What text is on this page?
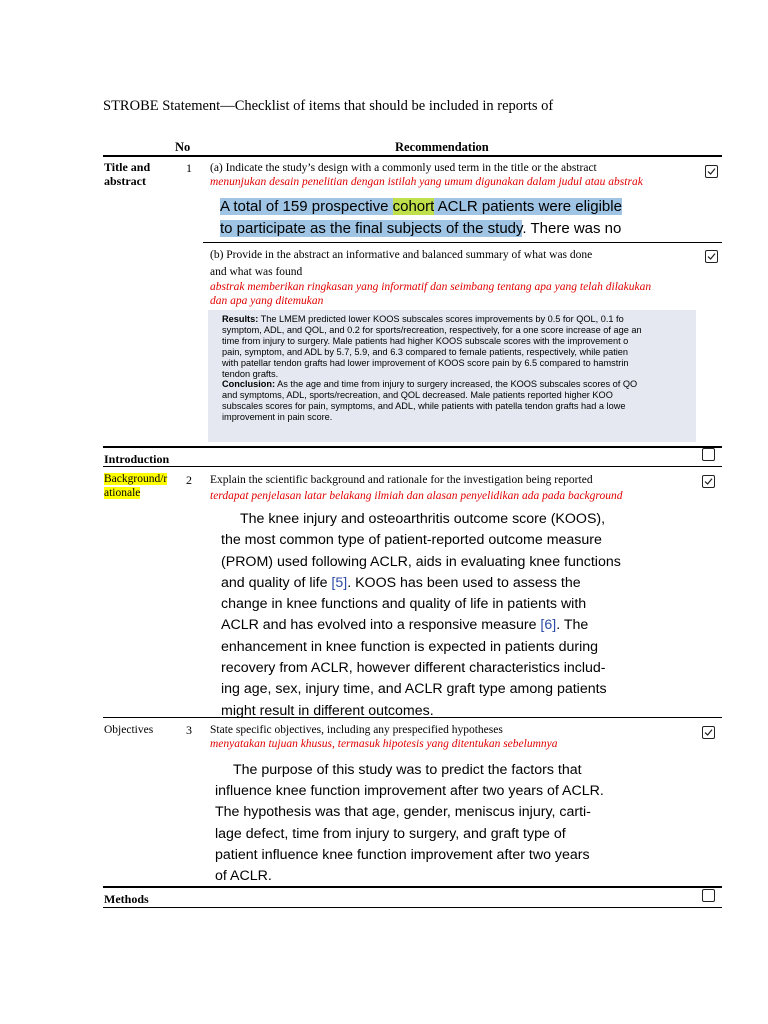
STROBE Statement—Checklist of items that should be included in reports of
No	Recommendation
Title and
abstract
1 (a) Indicate the study’s design with a commonly used term in the title or the abstract
menunjukan desain penelitian dengan istilah yang umum digunakan dalam judul atau abstrak
A total of 159 prospective cohort ACLR patients were eligible
to participate as the final subjects of the study. There was no
(b) Provide in the abstract an informative and balanced summary of what was done
and what was found
abstrak memberikan ringkasan yang informatif dan seimbang tentang apa yang telah dilakukan
dan apa yang ditemukan
Results: The LMEM predicted lower KOOS subscales scores improvements by 0.5 for QOL, 0.1 fo
symptom, ADL, and QOL, and 0.2 for sports/recreation, respectively, for a one score increase of age an
time from injury to surgery. Male patients had higher KOOS subscale scores with the improvement o
pain, symptom, and ADL by 5.7, 5.9, and 6.3 compared to female patients, respectively, while patien
with patellar tendon grafts had lower improvement of KOOS score pain by 6.5 compared to hamstrin
tendon grafts.
Conclusion: As the age and time from injury to surgery increased, the KOOS subscales scores of QO
and symptoms, ADL, sports/recreation, and QOL decreased. Male patients reported higher KOO
subscales scores for pain, symptoms, and ADL, while patients with patella tendon grafts had a lowe
improvement in pain score.
Introduction
Background/r
ationale
2 Explain the scientific background and rationale for the investigation being reported
terdapat penjelasan latar belakang ilmiah dan alasan penyelidikan ada pada background
The knee injury and osteoarthritis outcome score (KOOS),
the most common type of patient-reported outcome measure
(PROM) used following ACLR, aids in evaluating knee functions
and quality of life [5]. KOOS has been used to assess the
change in knee functions and quality of life in patients with
ACLR and has evolved into a responsive measure [6]. The
enhancement in knee function is expected in patients during
recovery from ACLR, however different characteristics includ-
ing age, sex, injury time, and ACLR graft type among patients
might result in different outcomes.
Objectives	3 State specific objectives, including any prespecified hypotheses
menyatakan tujuan khusus, termasuk hipotesis yang ditentukan sebelumnya
The purpose of this study was to predict the factors that
influence knee function improvement after two years of ACLR.
The hypothesis was that age, gender, meniscus injury, carti-
lage defect, time from injury to surgery, and graft type of
patient influence knee function improvement after two years
of ACLR.
Methods
